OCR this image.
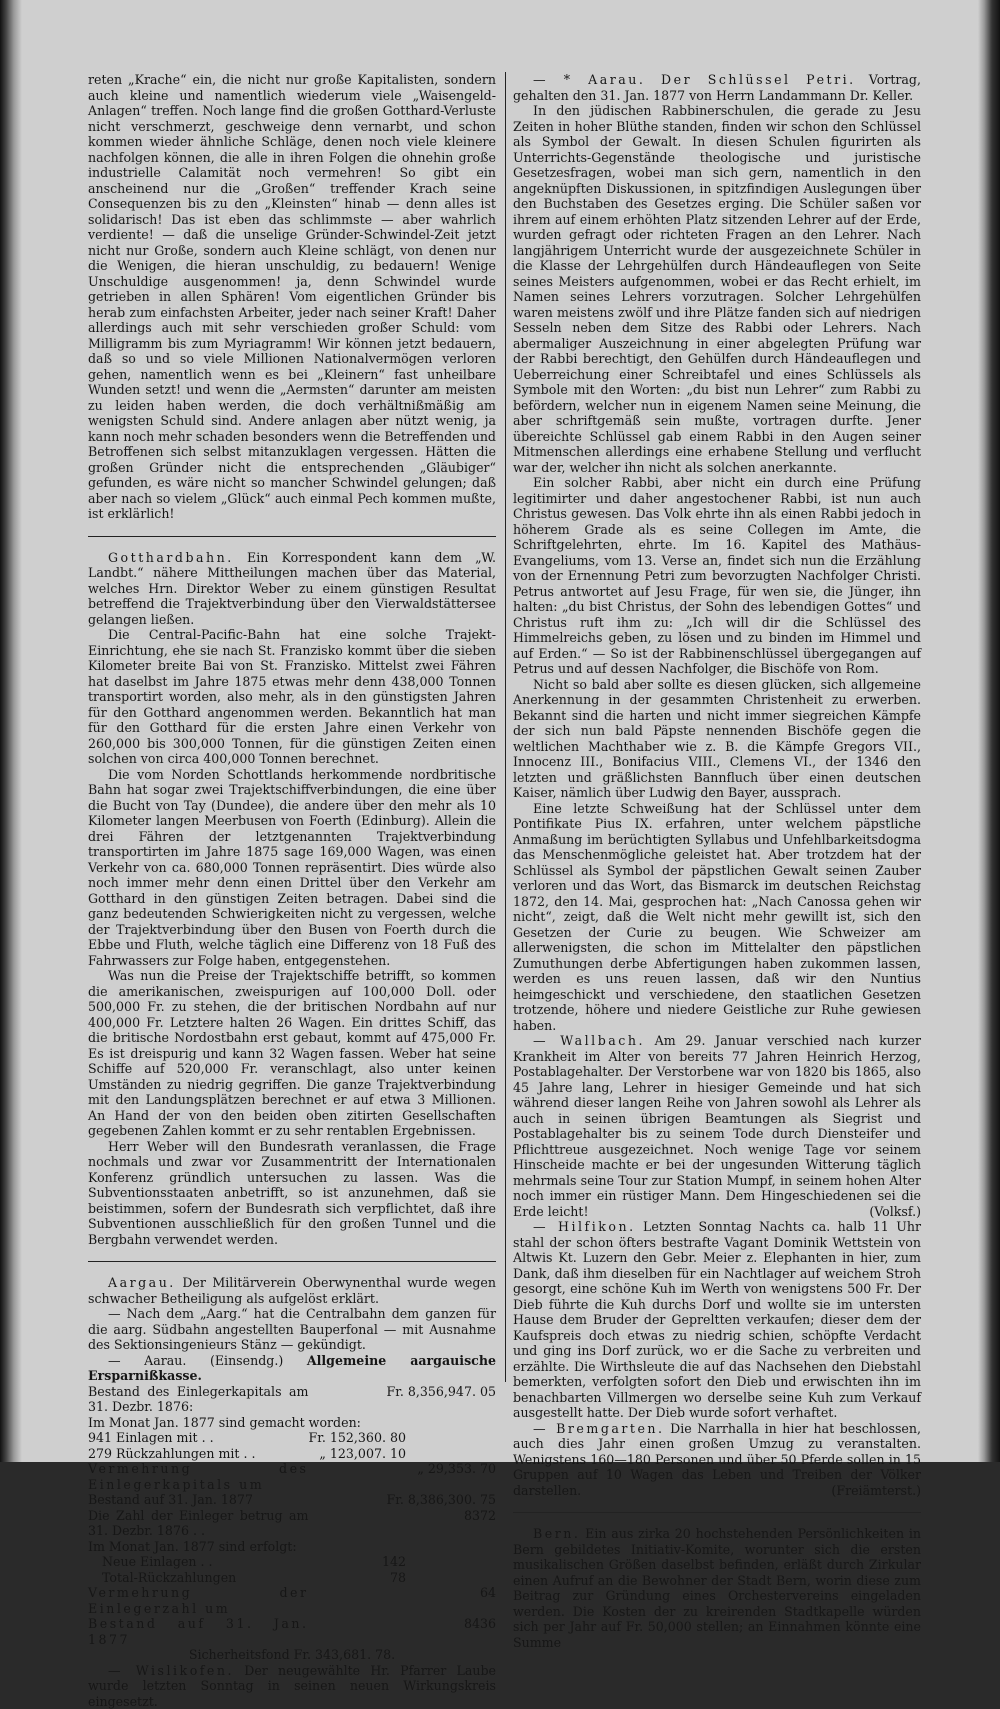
reten „Krache“ ein, die nicht nur große Kapitalisten, sondern auch kleine und namentlich wiederum viele „Waisengeld-Anlagen“ treffen. Noch lange find die großen Gotthard-Verluste nicht verschmerzt, geschweige denn vernarbt, und schon kommen wieder ähnliche Schläge, denen noch viele kleinere nachfolgen können, die alle in ihren Folgen die ohnehin große industrielle Calamität noch vermehren! So gibt ein anscheinend nur die „Großen“ treffender Krach seine Consequenzen bis zu den „Kleinsten“ hinab — denn alles ist solidarisch! Das ist eben das schlimmste — aber wahrlich verdiente! — daß die unselige Gründer-Schwindel-Zeit jetzt nicht nur Große, sondern auch Kleine schlägt, von denen nur die Wenigen, die hieran unschuldig, zu bedauern! Wenige Unschuldige ausgenommen! ja, denn Schwindel wurde getrieben in allen Sphären! Vom eigentlichen Gründer bis herab zum einfachsten Arbeiter, jeder nach seiner Kraft! Daher allerdings auch mit sehr verschieden großer Schuld: vom Milligramm bis zum Myriagramm! Wir können jetzt bedauern, daß so und so viele Millionen Nationalvermögen verloren gehen, namentlich wenn es bei „Kleinern“ fast unheilbare Wunden setzt! und wenn die „Aermsten“ darunter am meisten zu leiden haben werden, die doch verhältnißmäßig am wenigsten Schuld sind. Andere anlagen aber nützt wenig, ja kann noch mehr schaden besonders wenn die Betreffenden und Betroffenen sich selbst mitanzuklagen vergessen. Hätten die großen Gründer nicht die entsprechenden „Gläubiger“ gefunden, es wäre nicht so mancher Schwindel gelungen; daß aber nach so vielem „Glück“ auch einmal Pech kommen mußte, ist erklärlich!

Gotthardbahn. Ein Korrespondent kann dem „W. Landbt.“ nähere Mittheilungen machen über das Material, welches Hrn. Direktor Weber zu einem günstigen Resultat betreffend die Trajektverbindung über den Vierwaldstättersee gelangen ließen.

Die Central-Pacific-Bahn hat eine solche Trajekt-Einrichtung, ehe sie nach St. Franzisko kommt über die sieben Kilometer breite Bai von St. Franzisko. Mittelst zwei Fähren hat daselbst im Jahre 1875 etwas mehr denn 438,000 Tonnen transportirt worden, also mehr, als in den günstigsten Jahren für den Gotthard angenommen werden. Bekanntlich hat man für den Gotthard für die ersten Jahre einen Verkehr von 260,000 bis 300,000 Tonnen, für die günstigen Zeiten einen solchen von circa 400,000 Tonnen berechnet.

Die vom Norden Schottlands herkommende nordbritische Bahn hat sogar zwei Trajektschiffverbindungen, die eine über die Bucht von Tay (Dundee), die andere über den mehr als 10 Kilometer langen Meerbusen von Foerth (Edinburg). Allein die drei Fähren der letztgenannten Trajektverbindung transportirten im Jahre 1875 sage 169,000 Wagen, was einen Verkehr von ca. 680,000 Tonnen repräsentirt. Dies würde also noch immer mehr denn einen Drittel über den Verkehr am Gotthard in den günstigen Zeiten betragen. Dabei sind die ganz bedeutenden Schwierigkeiten nicht zu vergessen, welche der Trajektverbindung über den Busen von Foerth durch die Ebbe und Fluth, welche täglich eine Differenz von 18 Fuß des Fahrwassers zur Folge haben, entgegenstehen.

Was nun die Preise der Trajektschiffe betrifft, so kommen die amerikanischen, zweispurigen auf 100,000 Doll. oder 500,000 Fr. zu stehen, die der britischen Nordbahn auf nur 400,000 Fr. Letztere halten 26 Wagen. Ein drittes Schiff, das die britische Nordostbahn erst gebaut, kommt auf 475,000 Fr. Es ist dreispurig und kann 32 Wagen fassen. Weber hat seine Schiffe auf 520,000 Fr. veranschlagt, also unter keinen Umständen zu niedrig gegriffen. Die ganze Trajektverbindung mit den Landungsplätzen berechnet er auf etwa 3 Millionen. An Hand der von den beiden oben zitirten Gesellschaften gegebenen Zahlen kommt er zu sehr rentablen Ergebnissen.

Herr Weber will den Bundesrath veranlassen, die Frage nochmals und zwar vor Zusammentritt der Internationalen Konferenz gründlich untersuchen zu lassen. Was die Subventionsstaaten anbetrifft, so ist anzunehmen, daß sie beistimmen, sofern der Bundesrath sich verpflichtet, daß ihre Subventionen ausschließlich für den großen Tunnel und die Bergbahn verwendet werden.

Aargau. Der Militärverein Oberwynenthal wurde wegen schwacher Betheiligung als aufgelöst erklärt.

— Nach dem „Aarg.“ hat die Centralbahn dem ganzen für die aarg. Südbahn angestellten Bauperfonal — mit Ausnahme des Sektionsingenieurs Stänz — gekündigt.

— Aarau. (Einsendg.) Allgemeine aargauische Ersparnißkasse.

Bestand des Einlegerkapitals am 31. Dezbr. 1876:	Fr. 8,356,947. 05
Im Monat Jan. 1877 sind gemacht worden:	
941 Einlagen mit . .	Fr. 152,360. 80
279 Rückzahlungen mit . .	„ 123,007. 10
Vermehrung des Einlegerkapitals um	„ 29,353. 70
Bestand auf 31. Jan. 1877	Fr. 8,386,300. 75
Die Zahl der Einleger betrug am 31. Dezbr. 1876 . .	8372
Im Monat Jan. 1877 sind erfolgt:	
Neue Einlagen . .	142
Total-Rückzahlungen	78
Vermehrung der Einlegerzahl um	64
Bestand auf 31. Jan. 1877	8436

Sicherheitsfond Fr. 343,681. 78.

— Wislikofen. Der neugewählte Hr. Pfarrer Laube wurde letzten Sonntag in seinen neuen Wirkungskreis eingesetzt.

— * Aarau. Der Schlüssel Petri. Vortrag, gehalten den 31. Jan. 1877 von Herrn Landammann Dr. Keller.

In den jüdischen Rabbinerschulen, die gerade zu Jesu Zeiten in hoher Blüthe standen, finden wir schon den Schlüssel als Symbol der Gewalt. In diesen Schulen figurirten als Unterrichts-Gegenstände theologische und juristische Gesetzesfragen, wobei man sich gern, namentlich in den angeknüpften Diskussionen, in spitzfindigen Auslegungen über den Buchstaben des Gesetzes erging. Die Schüler saßen vor ihrem auf einem erhöhten Platz sitzenden Lehrer auf der Erde, wurden gefragt oder richteten Fragen an den Lehrer. Nach langjährigem Unterricht wurde der ausgezeichnete Schüler in die Klasse der Lehrgehülfen durch Händeauflegen von Seite seines Meisters aufgenommen, wobei er das Recht erhielt, im Namen seines Lehrers vorzutragen. Solcher Lehrgehülfen waren meistens zwölf und ihre Plätze fanden sich auf niedrigen Sesseln neben dem Sitze des Rabbi oder Lehrers. Nach abermaliger Auszeichnung in einer abgelegten Prüfung war der Rabbi berechtigt, den Gehülfen durch Händeauflegen und Ueberreichung einer Schreibtafel und eines Schlüssels als Symbole mit den Worten: „du bist nun Lehrer“ zum Rabbi zu befördern, welcher nun in eigenem Namen seine Meinung, die aber schriftgemäß sein mußte, vortragen durfte. Jener übereichte Schlüssel gab einem Rabbi in den Augen seiner Mitmenschen allerdings eine erhabene Stellung und verflucht war der, welcher ihn nicht als solchen anerkannte.

Ein solcher Rabbi, aber nicht ein durch eine Prüfung legitimirter und daher angestochener Rabbi, ist nun auch Christus gewesen. Das Volk ehrte ihn als einen Rabbi jedoch in höherem Grade als es seine Collegen im Amte, die Schriftgelehrten, ehrte. Im 16. Kapitel des Mathäus-Evangeliums, vom 13. Verse an, findet sich nun die Erzählung von der Ernennung Petri zum bevorzugten Nachfolger Christi. Petrus antwortet auf Jesu Frage, für wen sie, die Jünger, ihn halten: „du bist Christus, der Sohn des lebendigen Gottes“ und Christus ruft ihm zu: „Ich will dir die Schlüssel des Himmelreichs geben, zu lösen und zu binden im Himmel und auf Erden.“ — So ist der Rabbinenschlüssel übergegangen auf Petrus und auf dessen Nachfolger, die Bischöfe von Rom.

Nicht so bald aber sollte es diesen glücken, sich allgemeine Anerkennung in der gesammten Christenheit zu erwerben. Bekannt sind die harten und nicht immer siegreichen Kämpfe der sich nun bald Päpste nennenden Bischöfe gegen die weltlichen Machthaber wie z. B. die Kämpfe Gregors VII., Innocenz III., Bonifacius VIII., Clemens VI., der 1346 den letzten und gräßlichsten Bannfluch über einen deutschen Kaiser, nämlich über Ludwig den Bayer, aussprach.

Eine letzte Schweißung hat der Schlüssel unter dem Pontifikate Pius IX. erfahren, unter welchem päpstliche Anmaßung im berüchtigten Syllabus und Unfehlbarkeitsdogma das Menschenmögliche geleistet hat. Aber trotzdem hat der Schlüssel als Symbol der päpstlichen Gewalt seinen Zauber verloren und das Wort, das Bismarck im deutschen Reichstag 1872, den 14. Mai, gesprochen hat: „Nach Canossa gehen wir nicht“, zeigt, daß die Welt nicht mehr gewillt ist, sich den Gesetzen der Curie zu beugen. Wie Schweizer am allerwenigsten, die schon im Mittelalter den päpstlichen Zumuthungen derbe Abfertigungen haben zukommen lassen, werden es uns reuen lassen, daß wir den Nuntius heimgeschickt und verschiedene, den staatlichen Gesetzen trotzende, höhere und niedere Geistliche zur Ruhe gewiesen haben.

— Wallbach. Am 29. Januar verschied nach kurzer Krankheit im Alter von bereits 77 Jahren Heinrich Herzog, Postablagehalter. Der Verstorbene war von 1820 bis 1865, also 45 Jahre lang, Lehrer in hiesiger Gemeinde und hat sich während dieser langen Reihe von Jahren sowohl als Lehrer als auch in seinen übrigen Beamtungen als Siegrist und Postablagehalter bis zu seinem Tode durch Diensteifer und Pflichttreue ausgezeichnet. Noch wenige Tage vor seinem Hinscheide machte er bei der ungesunden Witterung täglich mehrmals seine Tour zur Station Mumpf, in seinem hohen Alter noch immer ein rüstiger Mann. Dem Hingeschiedenen sei die Erde leicht!	(Volksf.)

— Hilfikon. Letzten Sonntag Nachts ca. halb 11 Uhr stahl der schon öfters bestrafte Vagant Dominik Wettstein von Altwis Kt. Luzern den Gebr. Meier z. Elephanten in hier, zum Dank, daß ihm dieselben für ein Nachtlager auf weichem Stroh gesorgt, eine schöne Kuh im Werth von wenigstens 500 Fr. Der Dieb führte die Kuh durchs Dorf und wollte sie im untersten Hause dem Bruder der Gepreltten verkaufen; dieser dem der Kaufspreis doch etwas zu niedrig schien, schöpfte Verdacht und ging ins Dorf zurück, wo er die Sache zu verbreiten und erzählte. Die Wirthsleute die auf das Nachsehen den Diebstahl bemerkten, verfolgten sofort den Dieb und erwischten ihn im benachbarten Villmergen wo derselbe seine Kuh zum Verkauf ausgestellt hatte. Der Dieb wurde sofort verhaftet.

— Bremgarten. Die Narrhalla in hier hat beschlossen, auch dies Jahr einen großen Umzug zu veranstalten. Wenigstens 160—180 Personen und über 50 Pferde sollen in 15 Gruppen auf 10 Wagen das Leben und Treiben der Völker darstellen.	(Freiämterst.)

Bern. Ein aus zirka 20 hochstehenden Persönlichkeiten in Bern gebildetes Initiativ-Komite, worunter sich die ersten musikalischen Größen daselbst befinden, erläßt durch Zirkular einen Aufruf an die Bewohner der Stadt Bern, worin diese zum Beitrag zur Gründung eines Orchestervereins eingeladen werden. Die Kosten der zu kreirenden Stadtkapelle würden sich per Jahr auf Fr. 50,000 stellen; an Einnahmen könnte eine Summe
